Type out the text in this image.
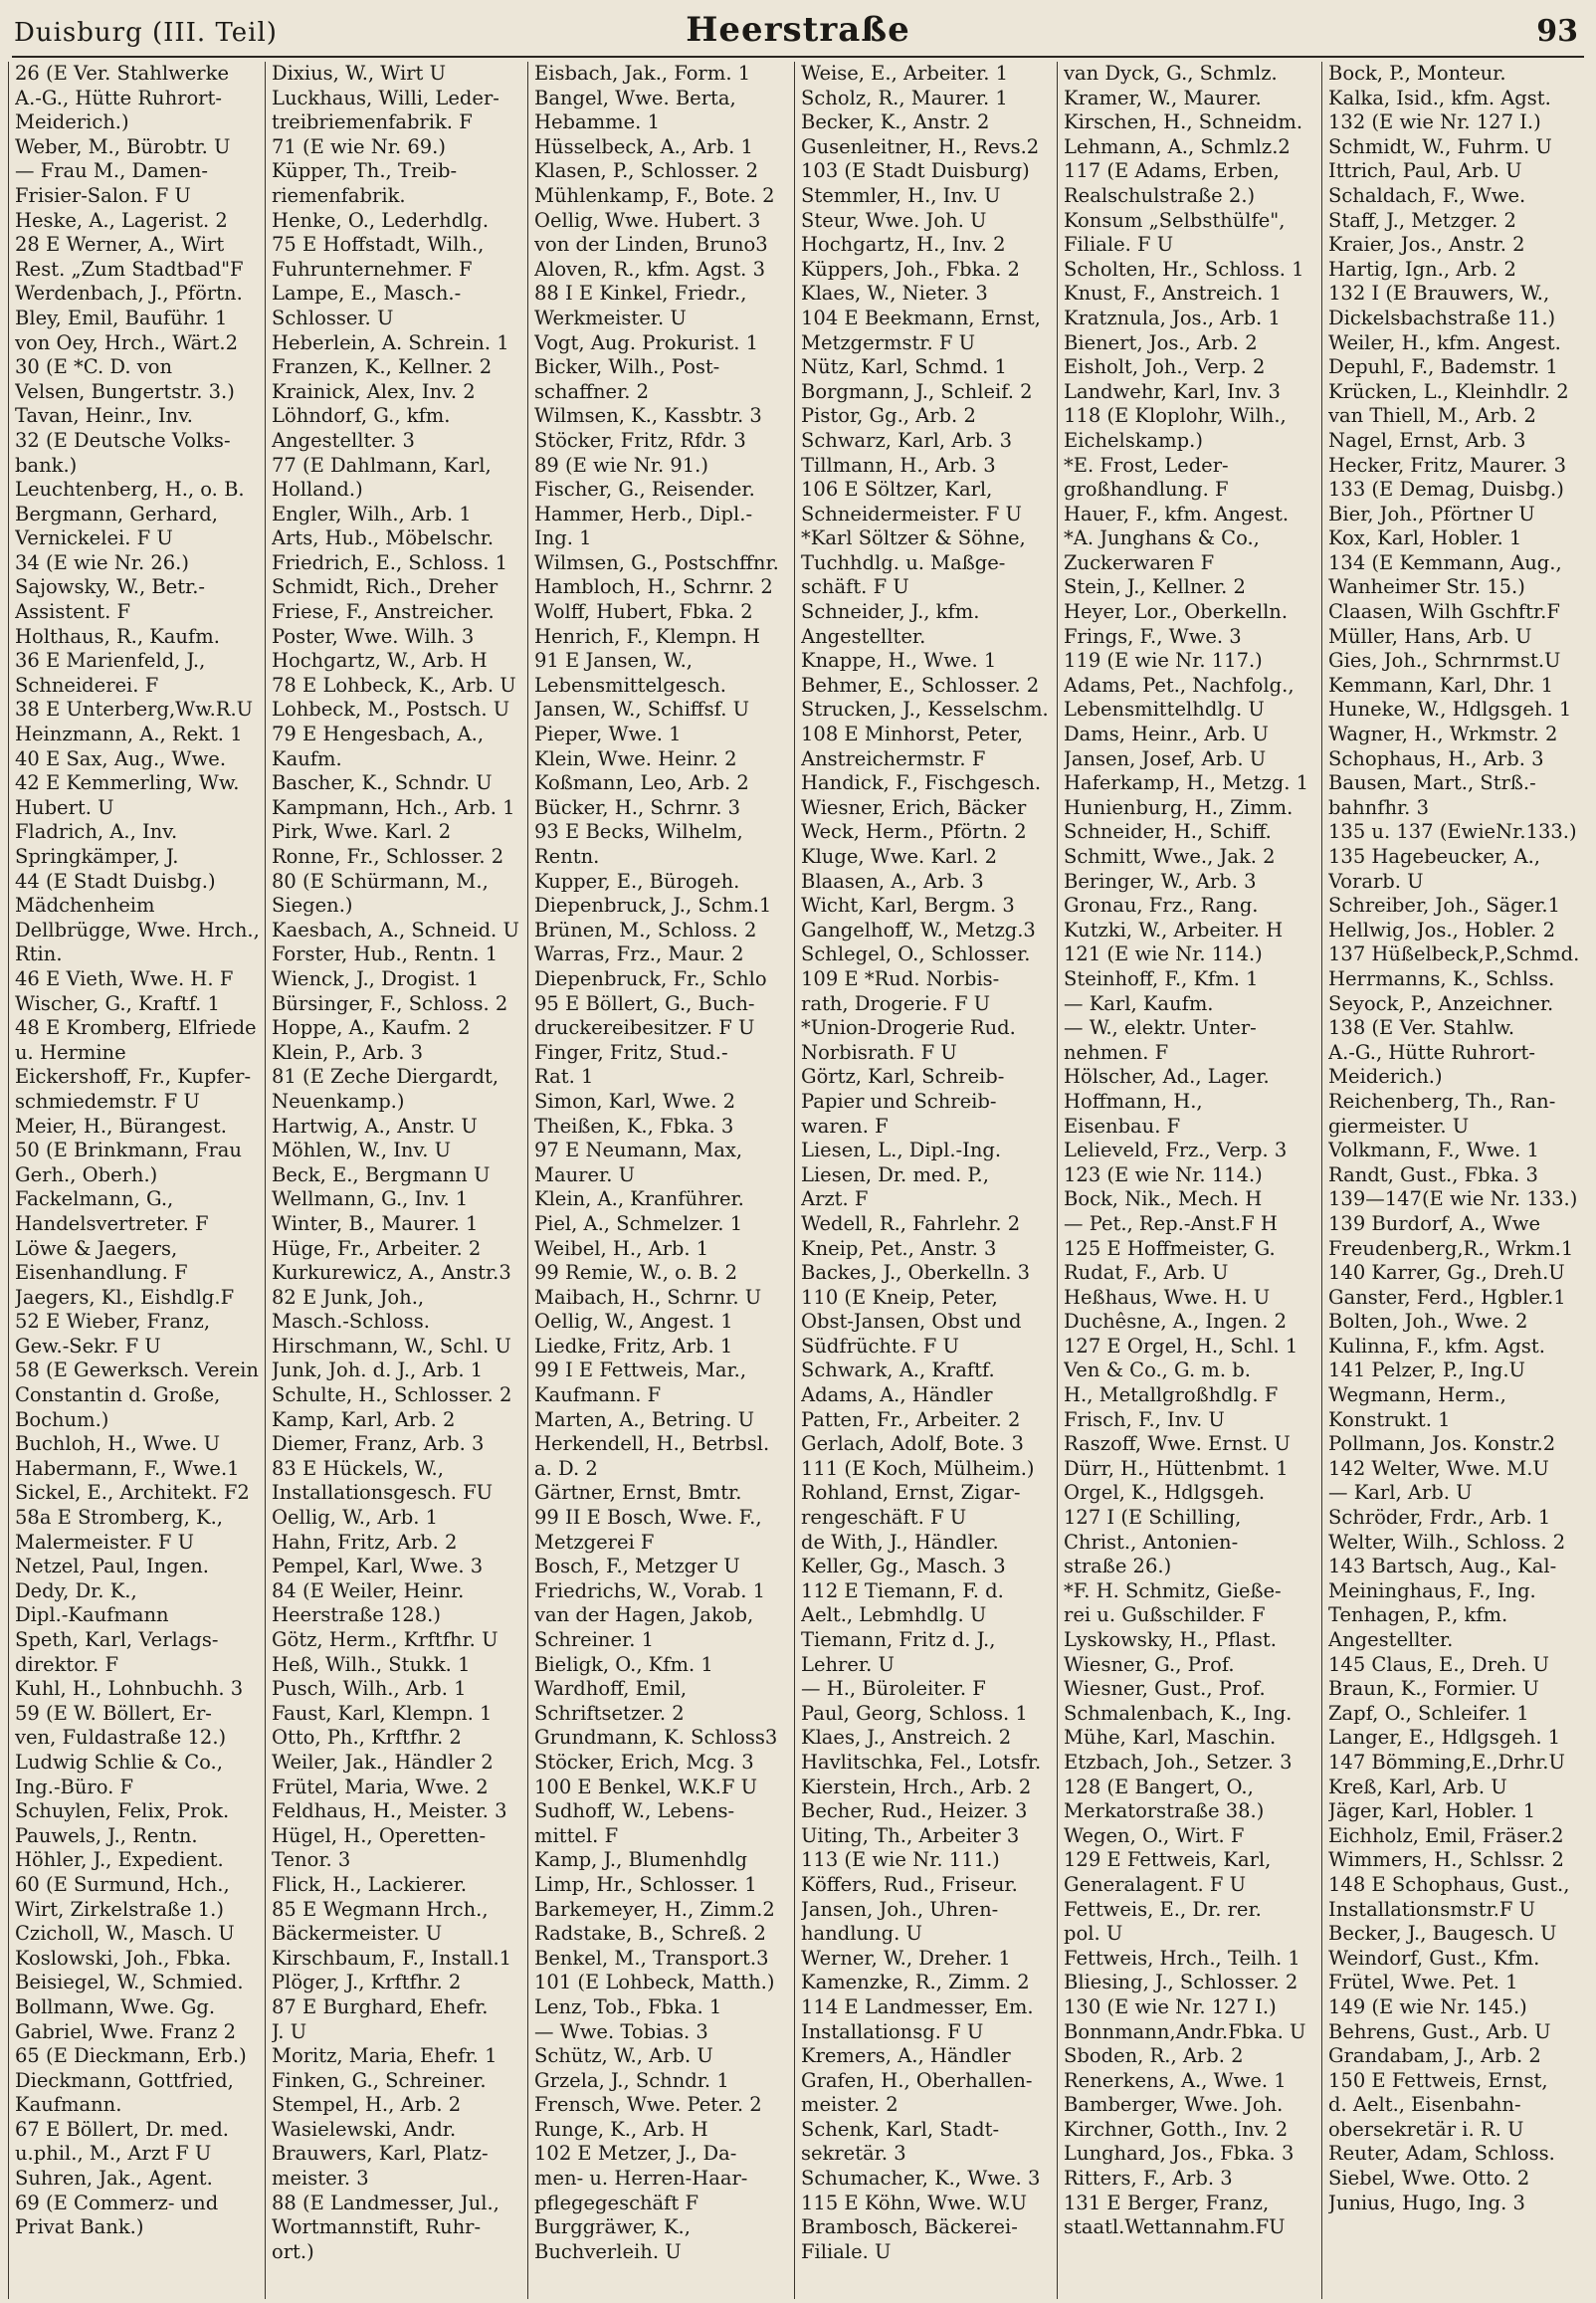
Duisburg (III. Teil)	Heerstraße	93
26 (E Ver. Stahlwerke
A.-G., Hütte Ruhrort-
Meiderich.)
Weber, M., Bürobtr. U
— Frau M., Damen-
Frisier-Salon. F U
Heske, A., Lagerist. 2
28 E Werner, A., Wirt
Rest. „Zum Stadtbad"F
Werdenbach, J., Pförtn.
Bley, Emil, Bauführ. 1
von Oey, Hrch., Wärt.2
30 (E *C. D. von
Velsen, Bungertstr. 3.)
Tavan, Heinr., Inv.
32 (E Deutsche Volks-
bank.)
Leuchtenberg, H., o. B.
Bergmann, Gerhard,
Vernickelei. F U
34 (E wie Nr. 26.)
Sajowsky, W., Betr.-
Assistent. F
Holthaus, R., Kaufm.
36 E Marienfeld, J.,
Schneiderei. F
38 E Unterberg,Ww.R.U
Heinzmann, A., Rekt. 1
40 E Sax, Aug., Wwe.
42 E Kemmerling, Ww.
Hubert. U
Fladrich, A., Inv.
Springkämper, J.
44 (E Stadt Duisbg.)
Mädchenheim
Dellbrügge, Wwe. Hrch.,
Rtin.
46 E Vieth, Wwe. H. F
Wischer, G., Kraftf. 1
48 E Kromberg, Elfriede
u. Hermine
Eickershoff, Fr., Kupfer-
schmiedemstr. F U
Meier, H., Bürangest.
50 (E Brinkmann, Frau
Gerh., Oberh.)
Fackelmann, G.,
Handelsvertreter. F
Löwe & Jaegers,
Eisenhandlung. F
Jaegers, Kl., Eishdlg.F
52 E Wieber, Franz,
Gew.-Sekr. F U
58 (E Gewerksch. Verein
Constantin d. Große,
Bochum.)
Buchloh, H., Wwe. U
Habermann, F., Wwe.1
Sickel, E., Architekt. F2
58a E Stromberg, K.,
Malermeister. F U
Netzel, Paul, Ingen.
Dedy, Dr. K.,
Dipl.-Kaufmann
Speth, Karl, Verlags-
direktor. F
Kuhl, H., Lohnbuchh. 3
59 (E W. Böllert, Er-
ven, Fuldastraße 12.)
Ludwig Schlie & Co.,
Ing.-Büro. F
Schuylen, Felix, Prok.
Pauwels, J., Rentn.
Höhler, J., Expedient.
60 (E Surmund, Hch.,
Wirt, Zirkelstraße 1.)
Czicholl, W., Masch. U
Koslowski, Joh., Fbka.
Beisiegel, W., Schmied.
Bollmann, Wwe. Gg.
Gabriel, Wwe. Franz 2
65 (E Dieckmann, Erb.)
Dieckmann, Gottfried,
Kaufmann.
67 E Böllert, Dr. med.
u.phil., M., Arzt F U
Suhren, Jak., Agent.
69 (E Commerz- und
Privat Bank.)
Dixius, W., Wirt U
Luckhaus, Willi, Leder-
treibriemenfabrik. F
71 (E wie Nr. 69.)
Küpper, Th., Treib-
riemenfabrik.
Henke, O., Lederhdlg.
75 E Hoffstadt, Wilh.,
Fuhrunternehmer. F
Lampe, E., Masch.-
Schlosser. U
Heberlein, A. Schrein. 1
Franzen, K., Kellner. 2
Krainick, Alex, Inv. 2
Löhndorf, G., kfm.
Angestellter. 3
77 (E Dahlmann, Karl,
Holland.)
Engler, Wilh., Arb. 1
Arts, Hub., Möbelschr.
Friedrich, E., Schloss. 1
Schmidt, Rich., Dreher
Friese, F., Anstreicher.
Poster, Wwe. Wilh. 3
Hochgartz, W., Arb. H
78 E Lohbeck, K., Arb. U
Lohbeck, M., Postsch. U
79 E Hengesbach, A.,
Kaufm.
Bascher, K., Schndr. U
Kampmann, Hch., Arb. 1
Pirk, Wwe. Karl. 2
Ronne, Fr., Schlosser. 2
80 (E Schürmann, M.,
Siegen.)
Kaesbach, A., Schneid. U
Forster, Hub., Rentn. 1
Wienck, J., Drogist. 1
Bürsinger, F., Schloss. 2
Hoppe, A., Kaufm. 2
Klein, P., Arb. 3
81 (E Zeche Diergardt,
Neuenkamp.)
Hartwig, A., Anstr. U
Möhlen, W., Inv. U
Beck, E., Bergmann U
Wellmann, G., Inv. 1
Winter, B., Maurer. 1
Hüge, Fr., Arbeiter. 2
Kurkurewicz, A., Anstr.3
82 E Junk, Joh.,
Masch.-Schloss.
Hirschmann, W., Schl. U
Junk, Joh. d. J., Arb. 1
Schulte, H., Schlosser. 2
Kamp, Karl, Arb. 2
Diemer, Franz, Arb. 3
83 E Hückels, W.,
Installationsgesch. FU
Oellig, W., Arb. 1
Hahn, Fritz, Arb. 2
Pempel, Karl, Wwe. 3
84 (E Weiler, Heinr.
Heerstraße 128.)
Götz, Herm., Krftfhr. U
Heß, Wilh., Stukk. 1
Pusch, Wilh., Arb. 1
Faust, Karl, Klempn. 1
Otto, Ph., Krftfhr. 2
Weiler, Jak., Händler 2
Frütel, Maria, Wwe. 2
Feldhaus, H., Meister. 3
Hügel, H., Operetten-
Tenor. 3
Flick, H., Lackierer.
85 E Wegmann Hrch.,
Bäckermeister. U
Kirschbaum, F., Install.1
Plöger, J., Krftfhr. 2
87 E Burghard, Ehefr.
J. U
Moritz, Maria, Ehefr. 1
Finken, G., Schreiner.
Stempel, H., Arb. 2
Wasielewski, Andr.
Brauwers, Karl, Platz-
meister. 3
88 (E Landmesser, Jul.,
Wortmannstift, Ruhr-
ort.)
Eisbach, Jak., Form. 1
Bangel, Wwe. Berta,
Hebamme. 1
Hüsselbeck, A., Arb. 1
Klasen, P., Schlosser. 2
Mühlenkamp, F., Bote. 2
Oellig, Wwe. Hubert. 3
von der Linden, Bruno3
Aloven, R., kfm. Agst. 3
88 I E Kinkel, Friedr.,
Werkmeister. U
Vogt, Aug. Prokurist. 1
Bicker, Wilh., Post-
schaffner. 2
Wilmsen, K., Kassbtr. 3
Stöcker, Fritz, Rfdr. 3
89 (E wie Nr. 91.)
Fischer, G., Reisender.
Hammer, Herb., Dipl.-
Ing. 1
Wilmsen, G., Postschffnr.
Hambloch, H., Schrnr. 2
Wolff, Hubert, Fbka. 2
Henrich, F., Klempn. H
91 E Jansen, W.,
Lebensmittelgesch.
Jansen, W., Schiffsf. U
Pieper, Wwe. 1
Klein, Wwe. Heinr. 2
Koßmann, Leo, Arb. 2
Bücker, H., Schrnr. 3
93 E Becks, Wilhelm,
Rentn.
Kupper, E., Bürogeh.
Diepenbruck, J., Schm.1
Brünen, M., Schloss. 2
Warras, Frz., Maur. 2
Diepenbruck, Fr., Schlo
95 E Böllert, G., Buch-
druckereibesitzer. F U
Finger, Fritz, Stud.-
Rat. 1
Simon, Karl, Wwe. 2
Theißen, K., Fbka. 3
97 E Neumann, Max,
Maurer. U
Klein, A., Kranführer.
Piel, A., Schmelzer. 1
Weibel, H., Arb. 1
99 Remie, W., o. B. 2
Maibach, H., Schrnr. U
Oellig, W., Angest. 1
Liedke, Fritz, Arb. 1
99 I E Fettweis, Mar.,
Kaufmann. F
Marten, A., Betring. U
Herkendell, H., Betrbsl.
a. D. 2
Gärtner, Ernst, Bmtr.
99 II E Bosch, Wwe. F.,
Metzgerei F
Bosch, F., Metzger U
Friedrichs, W., Vorab. 1
van der Hagen, Jakob,
Schreiner. 1
Bieligk, O., Kfm. 1
Wardhoff, Emil,
Schriftsetzer. 2
Grundmann, K. Schloss3
Stöcker, Erich, Mcg. 3
100 E Benkel, W.K.F U
Sudhoff, W., Lebens-
mittel. F
Kamp, J., Blumenhdlg
Limp, Hr., Schlosser. 1
Barkemeyer, H., Zimm.2
Radstake, B., Schreß. 2
Benkel, M., Transport.3
101 (E Lohbeck, Matth.)
Lenz, Tob., Fbka. 1
— Wwe. Tobias. 3
Schütz, W., Arb. U
Grzela, J., Schndr. 1
Frensch, Wwe. Peter. 2
Runge, K., Arb. H
102 E Metzer, J., Da-
men- u. Herren-Haar-
pflegegeschäft F
Burggräwer, K.,
Buchverleih. U
Weise, E., Arbeiter. 1
Scholz, R., Maurer. 1
Becker, K., Anstr. 2
Gusenleitner, H., Revs.2
103 (E Stadt Duisburg)
Stemmler, H., Inv. U
Steur, Wwe. Joh. U
Hochgartz, H., Inv. 2
Küppers, Joh., Fbka. 2
Klaes, W., Nieter. 3
104 E Beekmann, Ernst,
Metzgermstr. F U
Nütz, Karl, Schmd. 1
Borgmann, J., Schleif. 2
Pistor, Gg., Arb. 2
Schwarz, Karl, Arb. 3
Tillmann, H., Arb. 3
106 E Söltzer, Karl,
Schneidermeister. F U
*Karl Söltzer & Söhne,
Tuchhdlg. u. Maßge-
schäft. F U
Schneider, J., kfm.
Angestellter.
Knappe, H., Wwe. 1
Behmer, E., Schlosser. 2
Strucken, J., Kesselschm.
108 E Minhorst, Peter,
Anstreichermstr. F
Handick, F., Fischgesch.
Wiesner, Erich, Bäcker
Weck, Herm., Pförtn. 2
Kluge, Wwe. Karl. 2
Blaasen, A., Arb. 3
Wicht, Karl, Bergm. 3
Gangelhoff, W., Metzg.3
Schlegel, O., Schlosser.
109 E *Rud. Norbis-
rath, Drogerie. F U
*Union-Drogerie Rud.
Norbisrath. F U
Görtz, Karl, Schreib-
Papier und Schreib-
waren. F
Liesen, L., Dipl.-Ing.
Liesen, Dr. med. P.,
Arzt. F
Wedell, R., Fahrlehr. 2
Kneip, Pet., Anstr. 3
Backes, J., Oberkelln. 3
110 (E Kneip, Peter,
Obst-Jansen, Obst und
Südfrüchte. F U
Schwark, A., Kraftf.
Adams, A., Händler
Patten, Fr., Arbeiter. 2
Gerlach, Adolf, Bote. 3
111 (E Koch, Mülheim.)
Rohland, Ernst, Zigar-
rengeschäft. F U
de With, J., Händler.
Keller, Gg., Masch. 3
112 E Tiemann, F. d.
Aelt., Lebmhdlg. U
Tiemann, Fritz d. J.,
Lehrer. U
— H., Büroleiter. F
Paul, Georg, Schloss. 1
Klaes, J., Anstreich. 2
Havlitschka, Fel., Lotsfr.
Kierstein, Hrch., Arb. 2
Becher, Rud., Heizer. 3
Uiting, Th., Arbeiter 3
113 (E wie Nr. 111.)
Köffers, Rud., Friseur.
Jansen, Joh., Uhren-
handlung. U
Werner, W., Dreher. 1
Kamenzke, R., Zimm. 2
114 E Landmesser, Em.
Installationsg. F U
Kremers, A., Händler
Grafen, H., Oberhallen-
meister. 2
Schenk, Karl, Stadt-
sekretär. 3
Schumacher, K., Wwe. 3
115 E Köhn, Wwe. W.U
Brambosch, Bäckerei-
Filiale. U
van Dyck, G., Schmlz.
Kramer, W., Maurer.
Kirschen, H., Schneidm.
Lehmann, A., Schmlz.2
117 (E Adams, Erben,
Realschulstraße 2.)
Konsum „Selbsthülfe",
Filiale. F U
Scholten, Hr., Schloss. 1
Knust, F., Anstreich. 1
Kratznula, Jos., Arb. 1
Bienert, Jos., Arb. 2
Eisholt, Joh., Verp. 2
Landwehr, Karl, Inv. 3
118 (E Kloplohr, Wilh.,
Eichelskamp.)
*E. Frost, Leder-
großhandlung. F
Hauer, F., kfm. Angest.
*A. Junghans & Co.,
Zuckerwaren F
Stein, J., Kellner. 2
Heyer, Lor., Oberkelln.
Frings, F., Wwe. 3
119 (E wie Nr. 117.)
Adams, Pet., Nachfolg.,
Lebensmittelhdlg. U
Dams, Heinr., Arb. U
Jansen, Josef, Arb. U
Haferkamp, H., Metzg. 1
Hunienburg, H., Zimm.
Schneider, H., Schiff.
Schmitt, Wwe., Jak. 2
Beringer, W., Arb. 3
Gronau, Frz., Rang.
Kutzki, W., Arbeiter. H
121 (E wie Nr. 114.)
Steinhoff, F., Kfm. 1
— Karl, Kaufm.
— W., elektr. Unter-
nehmen. F
Hölscher, Ad., Lager.
Hoffmann, H.,
Eisenbau. F
Lelieveld, Frz., Verp. 3
123 (E wie Nr. 114.)
Bock, Nik., Mech. H
— Pet., Rep.-Anst.F H
125 E Hoffmeister, G.
Rudat, F., Arb. U
Heßhaus, Wwe. H. U
Duchêsne, A., Ingen. 2
127 E Orgel, H., Schl. 1
Ven & Co., G. m. b.
H., Metallgroßhdlg. F
Frisch, F., Inv. U
Raszoff, Wwe. Ernst. U
Dürr, H., Hüttenbmt. 1
Orgel, K., Hdlgsgeh.
127 I (E Schilling,
Christ., Antonien-
straße 26.)
*F. H. Schmitz, Gieße-
rei u. Gußschilder. F
Lyskowsky, H., Pflast.
Wiesner, G., Prof.
Wiesner, Gust., Prof.
Schmalenbach, K., Ing.
Mühe, Karl, Maschin.
Etzbach, Joh., Setzer. 3
128 (E Bangert, O.,
Merkatorstraße 38.)
Wegen, O., Wirt. F
129 E Fettweis, Karl,
Generalagent. F U
Fettweis, E., Dr. rer.
pol. U
Fettweis, Hrch., Teilh. 1
Bliesing, J., Schlosser. 2
130 (E wie Nr. 127 I.)
Bonnmann,Andr.Fbka. U
Sboden, R., Arb. 2
Renerkens, A., Wwe. 1
Bamberger, Wwe. Joh.
Kirchner, Gotth., Inv. 2
Lunghard, Jos., Fbka. 3
Ritters, F., Arb. 3
131 E Berger, Franz,
staatl.Wettannahm.FU
Bock, P., Monteur.
Kalka, Isid., kfm. Agst.
132 (E wie Nr. 127 I.)
Schmidt, W., Fuhrm. U
Ittrich, Paul, Arb. U
Schaldach, F., Wwe.
Staff, J., Metzger. 2
Kraier, Jos., Anstr. 2
Hartig, Ign., Arb. 2
132 I (E Brauwers, W.,
Dickelsbachstraße 11.)
Weiler, H., kfm. Angest.
Depuhl, F., Bademstr. 1
Krücken, L., Kleinhdlr. 2
van Thiell, M., Arb. 2
Nagel, Ernst, Arb. 3
Hecker, Fritz, Maurer. 3
133 (E Demag, Duisbg.)
Bier, Joh., Pförtner U
Kox, Karl, Hobler. 1
134 (E Kemmann, Aug.,
Wanheimer Str. 15.)
Claasen, Wilh Gschftr.F
Müller, Hans, Arb. U
Gies, Joh., Schrnrmst.U
Kemmann, Karl, Dhr. 1
Huneke, W., Hdlgsgeh. 1
Wagner, H., Wrkmstr. 2
Schophaus, H., Arb. 3
Bausen, Mart., Strß.-
bahnfhr. 3
135 u. 137 (EwieNr.133.)
135 Hagebeucker, A.,
Vorarb. U
Schreiber, Joh., Säger.1
Hellwig, Jos., Hobler. 2
137 Hüßelbeck,P.,Schmd.
Herrmanns, K., Schlss.
Seyock, P., Anzeichner.
138 (E Ver. Stahlw.
A.-G., Hütte Ruhrort-
Meiderich.)
Reichenberg, Th., Ran-
giermeister. U
Volkmann, F., Wwe. 1
Randt, Gust., Fbka. 3
139—147(E wie Nr. 133.)
139 Burdorf, A., Wwe
Freudenberg,R., Wrkm.1
140 Karrer, Gg., Dreh.U
Ganster, Ferd., Hgbler.1
Bolten, Joh., Wwe. 2
Kulinna, F., kfm. Agst.
141 Pelzer, P., Ing.U
Wegmann, Herm.,
Konstrukt. 1
Pollmann, Jos. Konstr.2
142 Welter, Wwe. M.U
— Karl, Arb. U
Schröder, Frdr., Arb. 1
Welter, Wilh., Schloss. 2
143 Bartsch, Aug., Kal-
Meininghaus, F., Ing.
Tenhagen, P., kfm.
Angestellter.
145 Claus, E., Dreh. U
Braun, K., Formier. U
Zapf, O., Schleifer. 1
Langer, E., Hdlgsgeh. 1
147 Bömming,E.,Drhr.U
Kreß, Karl, Arb. U
Jäger, Karl, Hobler. 1
Eichholz, Emil, Fräser.2
Wimmers, H., Schlssr. 2
148 E Schophaus, Gust.,
Installationsmstr.F U
Becker, J., Baugesch. U
Weindorf, Gust., Kfm.
Frütel, Wwe. Pet. 1
149 (E wie Nr. 145.)
Behrens, Gust., Arb. U
Grandabam, J., Arb. 2
150 E Fettweis, Ernst,
d. Aelt., Eisenbahn-
obersekretär i. R. U
Reuter, Adam, Schloss.
Siebel, Wwe. Otto. 2
Junius, Hugo, Ing. 3
